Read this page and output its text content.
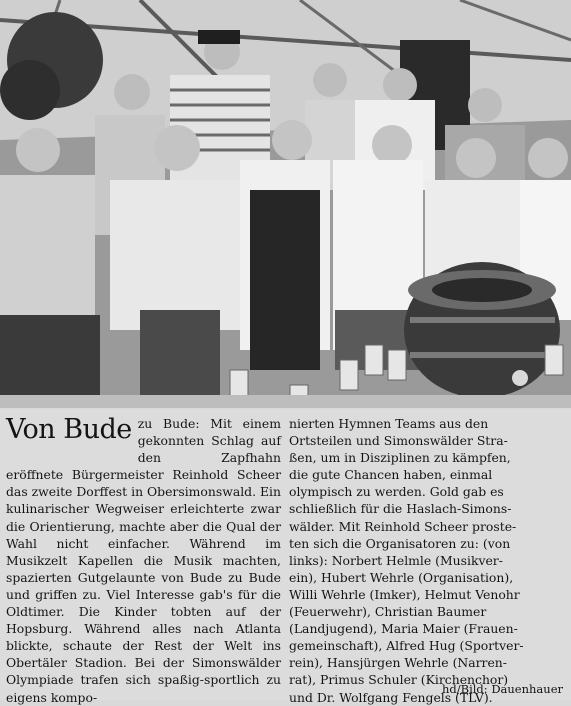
Von Bude zu Bude: Mit einem gekonnten Schlag auf den Zapfhahn eröffnete Bürgermeister Reinhold Scheer das zweite Dorffest in Obersimonswald. Ein kulinarischer Wegweiser erleichterte zwar die Orientierung, machte aber die Qual der Wahl nicht einfacher. Während im Musikzelt Kapellen die Musik machten, spazierten Gutgelaunte von Bude zu Bude und griffen zu. Viel Interesse gab's für die Oldtimer. Die Kinder tobten auf der Hopsburg. Während alles nach Atlanta blickte, schaute der Rest der Welt ins Obertäler Stadion. Bei der Simonswälder Olympiade trafen sich spaßig-sportlich zu eigens kompo-
nierten Hymnen Teams aus den
Ortsteilen und Simonswälder Stra-
ßen, um in Disziplinen zu kämpfen,
die gute Chancen haben, einmal
olympisch zu werden. Gold gab es
schließlich für die Haslach-Simons-
wälder. Mit Reinhold Scheer proste-
ten sich die Organisatoren zu: (von
links): Norbert Helmle (Musikver-
ein), Hubert Wehrle (Organisation),
Willi Wehrle (Imker), Helmut Venohr
(Feuerwehr), Christian Baumer
(Landjugend), Maria Maier (Frauen-
gemeinschaft), Alfred Hug (Sportver-
rein), Hansjürgen Wehrle (Narren-
rat), Primus Schuler (Kirchenchor)
und Dr. Wolfgang Fengels (TLV).
hd/Bild: Dauenhauer
